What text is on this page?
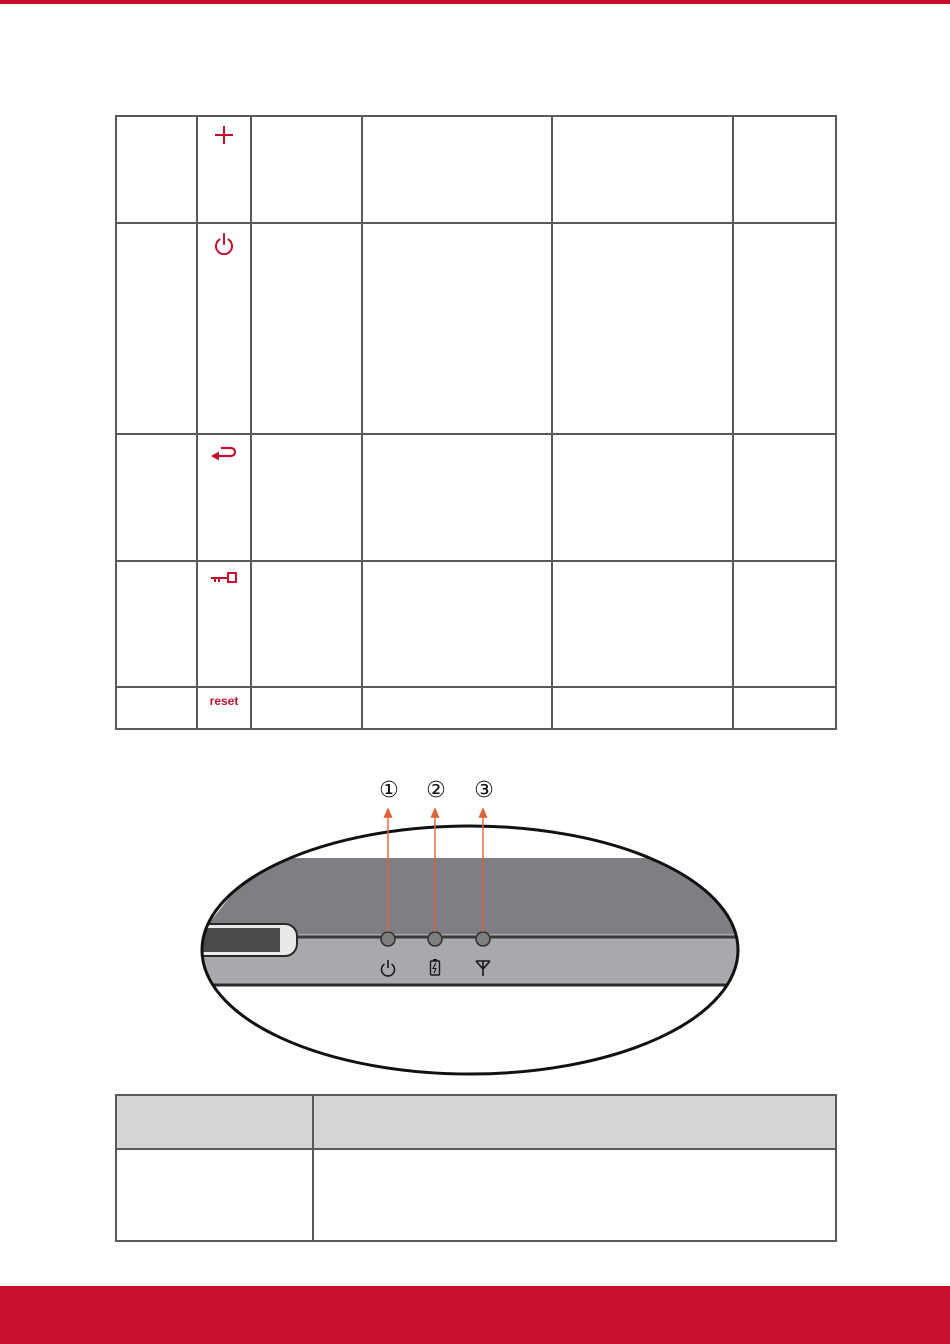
	reset				
① ② ③
